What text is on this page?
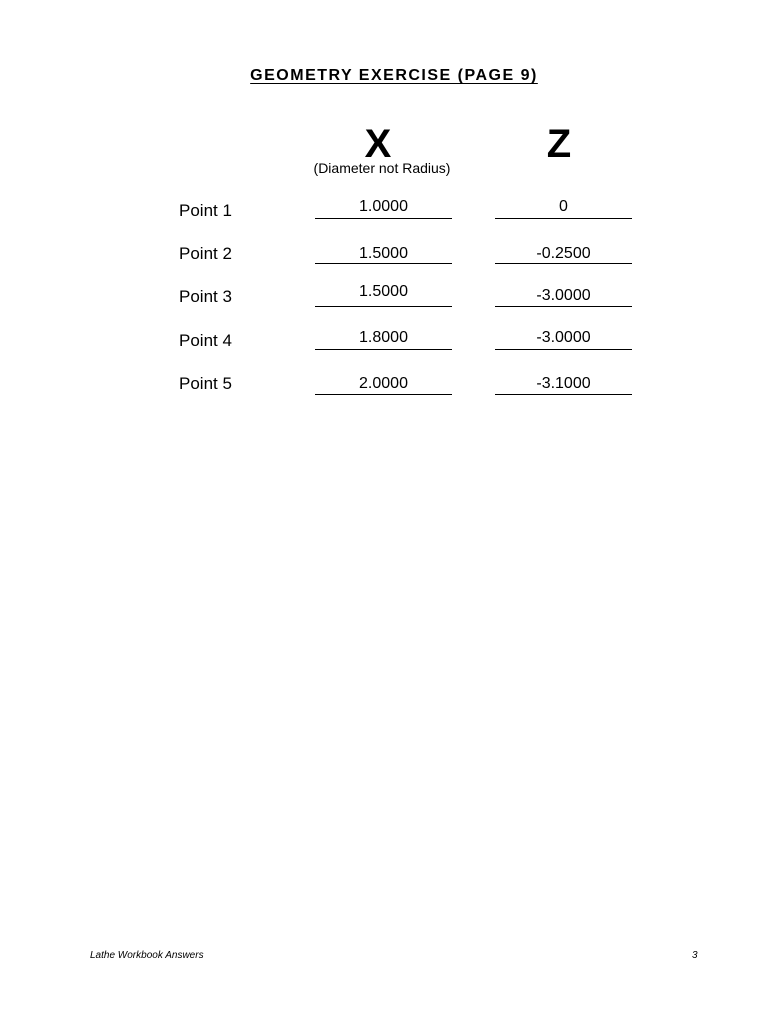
GEOMETRY EXERCISE (PAGE 9)
X	Z
(Diameter not Radius)
Point 1	1.0000	0
Point 2	1.5000	-0.2500
Point 3	1.5000	-3.0000
Point 4	1.8000	-3.0000
Point 5	2.0000	-3.1000
Lathe Workbook Answers	3
